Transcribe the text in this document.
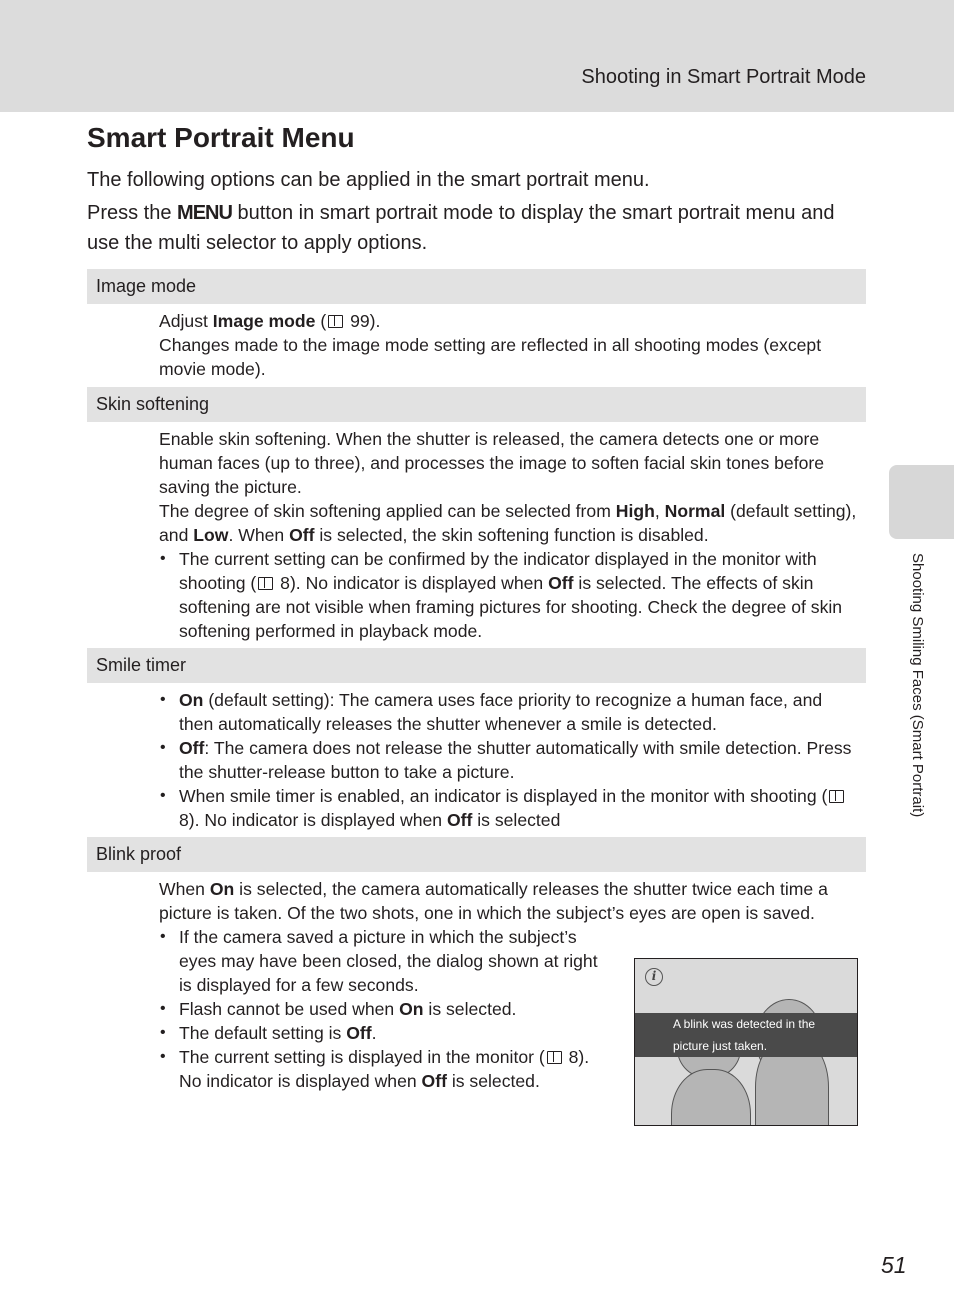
Shooting in Smart Portrait Mode
Smart Portrait Menu

The following options can be applied in the smart portrait menu.

Press the MENU button in smart portrait mode to display the smart portrait menu and use the multi selector to apply options.

Image mode

Adjust Image mode ( 99).

Changes made to the image mode setting are reflected in all shooting modes (except movie mode).

Skin softening

Enable skin softening. When the shutter is released, the camera detects one or more human faces (up to three), and processes the image to soften facial skin tones before saving the picture.

The degree of skin softening applied can be selected from High, Normal (default setting), and Low. When Off is selected, the skin softening function is disabled.

• The current setting can be confirmed by the indicator displayed in the monitor with shooting ( 8). No indicator is displayed when Off is selected. The effects of skin softening are not visible when framing pictures for shooting. Check the degree of skin softening performed in playback mode.
Smile timer
• On (default setting): The camera uses face priority to recognize a human face, and then automatically releases the shutter whenever a smile is detected.
• Off: The camera does not release the shutter automatically with smile detection. Press the shutter-release button to take a picture.
• When smile timer is enabled, an indicator is displayed in the monitor with shooting ( 8). No indicator is displayed when Off is selected
Blink proof

When On is selected, the camera automatically releases the shutter twice each time a picture is taken. Of the two shots, one in which the subject’s eyes are open is saved.

• If the camera saved a picture in which the subject’s eyes may have been closed, the dialog shown at right is displayed for a few seconds.
• Flash cannot be used when On is selected.
• The default setting is Off.
• The current setting is displayed in the monitor ( 8). No indicator is displayed when Off is selected.
i
A blink was detected in the
picture just taken.
Shooting Smiling Faces (Smart Portrait)
51
